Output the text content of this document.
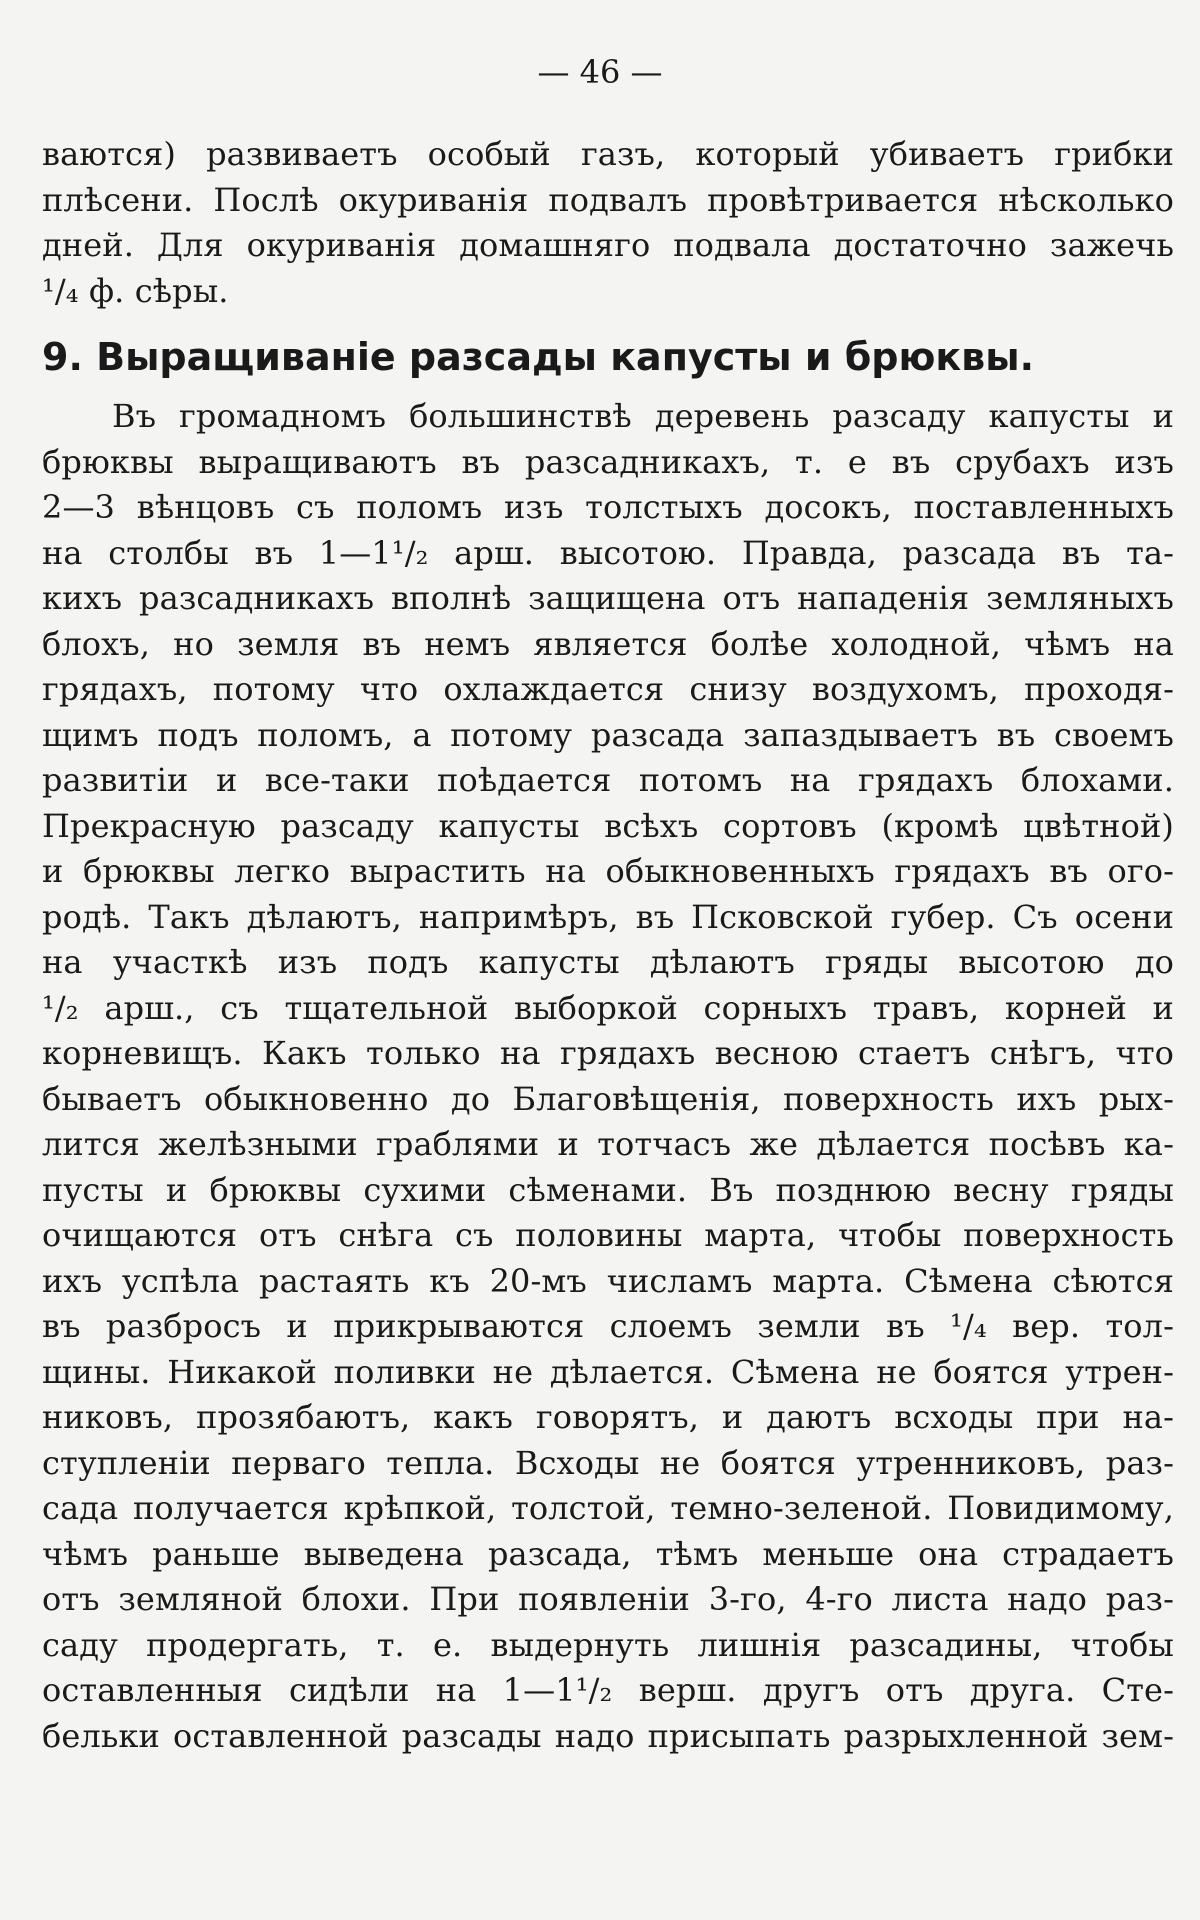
— 46 —
ваются) развиваетъ особый газъ, который убиваетъ грибки
плѣсени. Послѣ окуриванія подвалъ провѣтривается нѣсколько
дней. Для окуриванія домашняго подвала достаточно зажечь
¹/₄ ф. сѣры.
9. Выращиваніе разсады капусты и брюквы.
Въ громадномъ большинствѣ деревень разсаду капусты и
брюквы выращиваютъ въ разсадникахъ, т. е въ срубахъ изъ
2—3 вѣнцовъ съ поломъ изъ толстыхъ досокъ, поставленныхъ
на столбы въ 1—1¹/₂ арш. высотою. Правда, разсада въ та-
кихъ разсадникахъ вполнѣ защищена отъ нападенія земляныхъ
блохъ, но земля въ немъ является болѣе холодной, чѣмъ на
грядахъ, потому что охлаждается снизу воздухомъ, проходя-
щимъ подъ поломъ, а потому разсада запаздываетъ въ своемъ
развитіи и все-таки поѣдается потомъ на грядахъ блохами.
Прекрасную разсаду капусты всѣхъ сортовъ (кромѣ цвѣтной)
и брюквы легко вырастить на обыкновенныхъ грядахъ въ ого-
родѣ. Такъ дѣлаютъ, напримѣръ, въ Псковской губер. Съ осени
на участкѣ изъ подъ капусты дѣлаютъ гряды высотою до
¹/₂ арш., съ тщательной выборкой сорныхъ травъ, корней и
корневищъ. Какъ только на грядахъ весною стаетъ снѣгъ, что
бываетъ обыкновенно до Благовѣщенія, поверхность ихъ рых-
лится желѣзными граблями и тотчасъ же дѣлается посѣвъ ка-
пусты и брюквы сухими сѣменами. Въ позднюю весну гряды
очищаются отъ снѣга съ половины марта, чтобы поверхность
ихъ успѣла растаять къ 20-мъ числамъ марта. Сѣмена сѣются
въ разбросъ и прикрываются слоемъ земли въ ¹/₄ вер. тол-
щины. Никакой поливки не дѣлается. Сѣмена не боятся утрен-
никовъ, прозябаютъ, какъ говорятъ, и даютъ всходы при на-
ступленіи перваго тепла. Всходы не боятся утренниковъ, раз-
сада получается крѣпкой, толстой, темно-зеленой. Повидимому,
чѣмъ раньше выведена разсада, тѣмъ меньше она страдаетъ
отъ земляной блохи. При появленіи 3-го, 4-го листа надо раз-
саду продергать, т. е. выдернуть лишнія разсадины, чтобы
оставленныя сидѣли на 1—1¹/₂ верш. другъ отъ друга. Сте-
бельки оставленной разсады надо присыпать разрыхленной зем-
